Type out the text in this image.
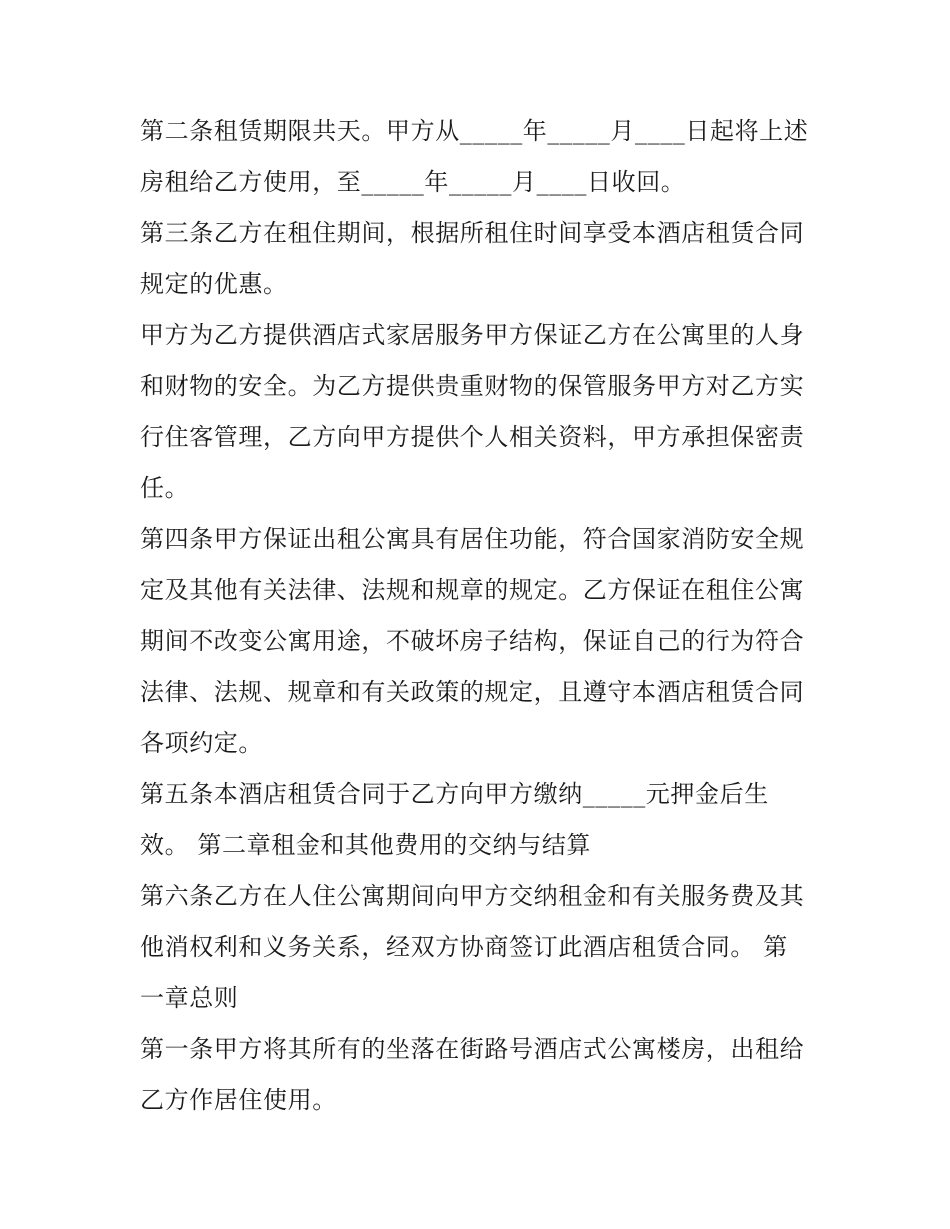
第二条租赁期限共天。甲方从_____年_____月____日起将上述
房租给乙方使用，至_____年_____月____日收回。
第三条乙方在租住期间，根据所租住时间享受本酒店租赁合同
规定的优惠。
甲方为乙方提供酒店式家居服务甲方保证乙方在公寓里的人身
和财物的安全。为乙方提供贵重财物的保管服务甲方对乙方实
行住客管理，乙方向甲方提供个人相关资料，甲方承担保密责
任。
第四条甲方保证出租公寓具有居住功能，符合国家消防安全规
定及其他有关法律、法规和规章的规定。乙方保证在租住公寓
期间不改变公寓用途，不破坏房子结构，保证自己的行为符合
法律、法规、规章和有关政策的规定，且遵守本酒店租赁合同
各项约定。
第五条本酒店租赁合同于乙方向甲方缴纳_____元押金后生
效。 第二章租金和其他费用的交纳与结算
第六条乙方在人住公寓期间向甲方交纳租金和有关服务费及其
他消权利和义务关系，经双方协商签订此酒店租赁合同。 第
一章总则
第一条甲方将其所有的坐落在街路号酒店式公寓楼房，出租给
乙方作居住使用。
